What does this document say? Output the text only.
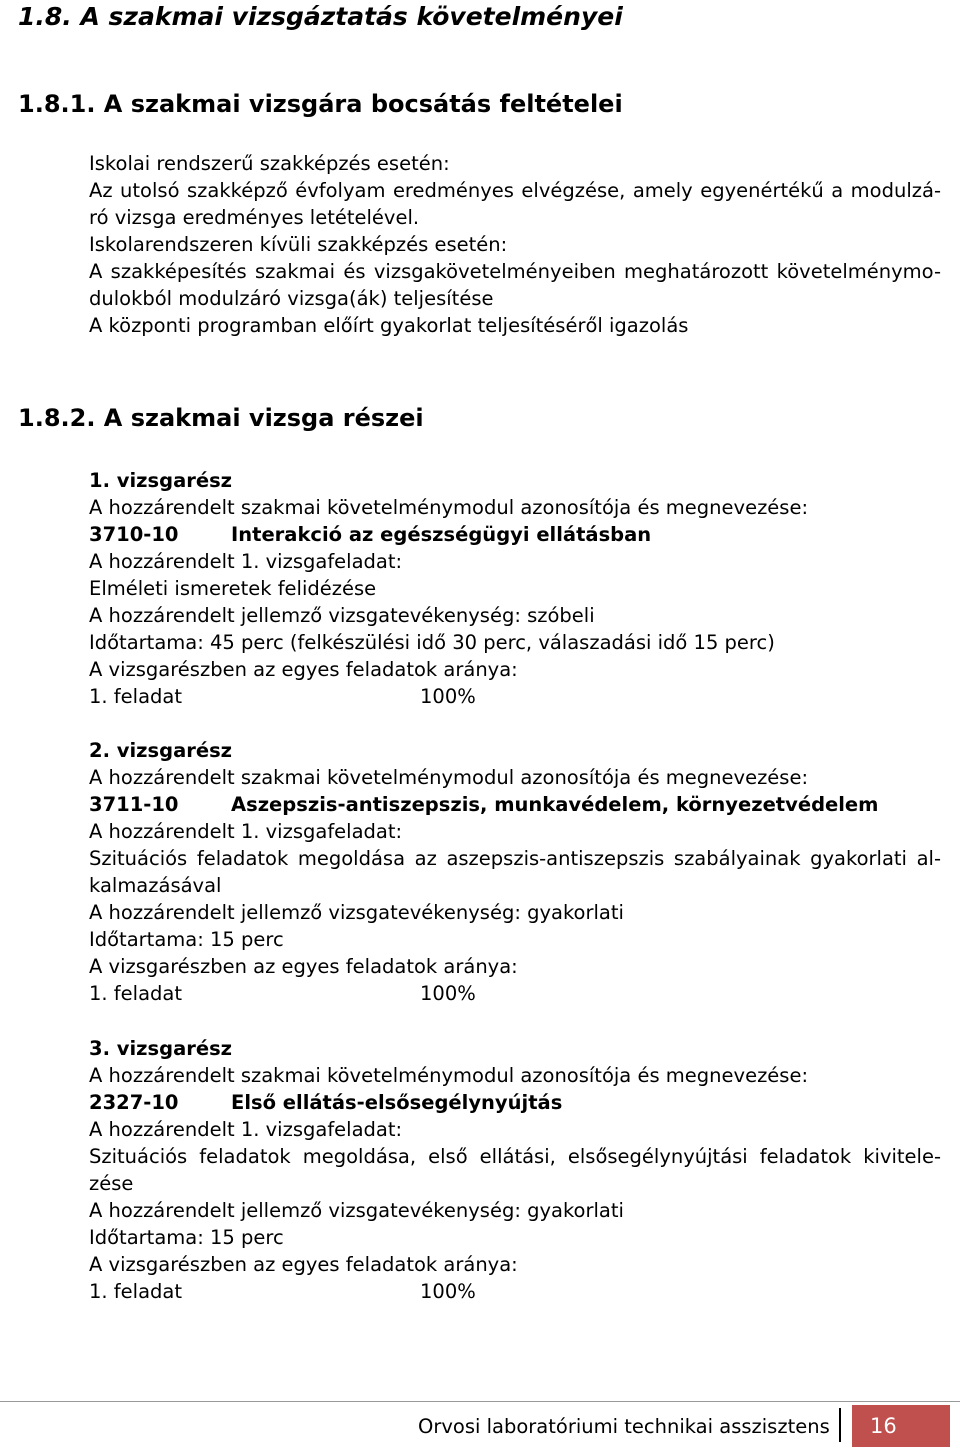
1.8. A szakmai vizsgáztatás követelményei
1.8.1. A szakmai vizsgára bocsátás feltételei
Iskolai rendszerű szakképzés esetén:
Az utolsó szakképző évfolyam eredményes elvégzése, amely egyenértékű a modulzá-
ró vizsga eredményes letételével.
Iskolarendszeren kívüli szakképzés esetén:
A szakképesítés szakmai és vizsgakövetelményeiben meghatározott követelménymo-
dulokból modulzáró vizsga(ák) teljesítése
A központi programban előírt gyakorlat teljesítéséről igazolás
1.8.2. A szakmai vizsga részei
1. vizsgarész
A hozzárendelt szakmai követelménymodul azonosítója és megnevezése:
3710-10	Interakció az egészségügyi ellátásban
A hozzárendelt 1. vizsgafeladat:
Elméleti ismeretek felidézése
A hozzárendelt jellemző vizsgatevékenység: szóbeli
Időtartama: 45 perc (felkészülési idő 30 perc, válaszadási idő 15 perc)
A vizsgarészben az egyes feladatok aránya:
1. feladat	100%
2. vizsgarész
A hozzárendelt szakmai követelménymodul azonosítója és megnevezése:
3711-10	Aszepszis-antiszepszis, munkavédelem, környezetvédelem
A hozzárendelt 1. vizsgafeladat:
Szituációs feladatok megoldása az aszepszis-antiszepszis szabályainak gyakorlati al-
kalmazásával
A hozzárendelt jellemző vizsgatevékenység: gyakorlati
Időtartama: 15 perc
A vizsgarészben az egyes feladatok aránya:
1. feladat	100%
3. vizsgarész
A hozzárendelt szakmai követelménymodul azonosítója és megnevezése:
2327-10	Első ellátás-elsősegélynyújtás
A hozzárendelt 1. vizsgafeladat:
Szituációs feladatok megoldása, első ellátási, elsősegélynyújtási feladatok kivitele-
zése
A hozzárendelt jellemző vizsgatevékenység: gyakorlati
Időtartama: 15 perc
A vizsgarészben az egyes feladatok aránya:
1. feladat	100%
Orvosi laboratóriumi technikai asszisztens 16
